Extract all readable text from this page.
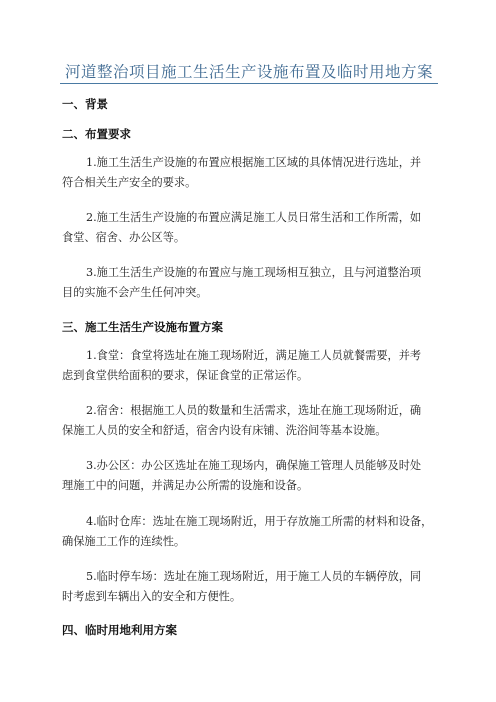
河道整治项目施工生活生产设施布置及临时用地方案
一、背景
二、布置要求
1.施工生活生产设施的布置应根据施工区域的具体情况进行选址，并
符合相关生产安全的要求。
2.施工生活生产设施的布置应满足施工人员日常生活和工作所需，如
食堂、宿舍、办公区等。
3.施工生活生产设施的布置应与施工现场相互独立，且与河道整治项
目的实施不会产生任何冲突。
三、施工生活生产设施布置方案
1.食堂：食堂将选址在施工现场附近，满足施工人员就餐需要，并考
虑到食堂供给面积的要求，保证食堂的正常运作。
2.宿舍：根据施工人员的数量和生活需求，选址在施工现场附近，确
保施工人员的安全和舒适，宿舍内设有床铺、洗浴间等基本设施。
3.办公区：办公区选址在施工现场内，确保施工管理人员能够及时处
理施工中的问题，并满足办公所需的设施和设备。
4.临时仓库：选址在施工现场附近，用于存放施工所需的材料和设备，
确保施工工作的连续性。
5.临时停车场：选址在施工现场附近，用于施工人员的车辆停放，同
时考虑到车辆出入的安全和方便性。
四、临时用地利用方案
